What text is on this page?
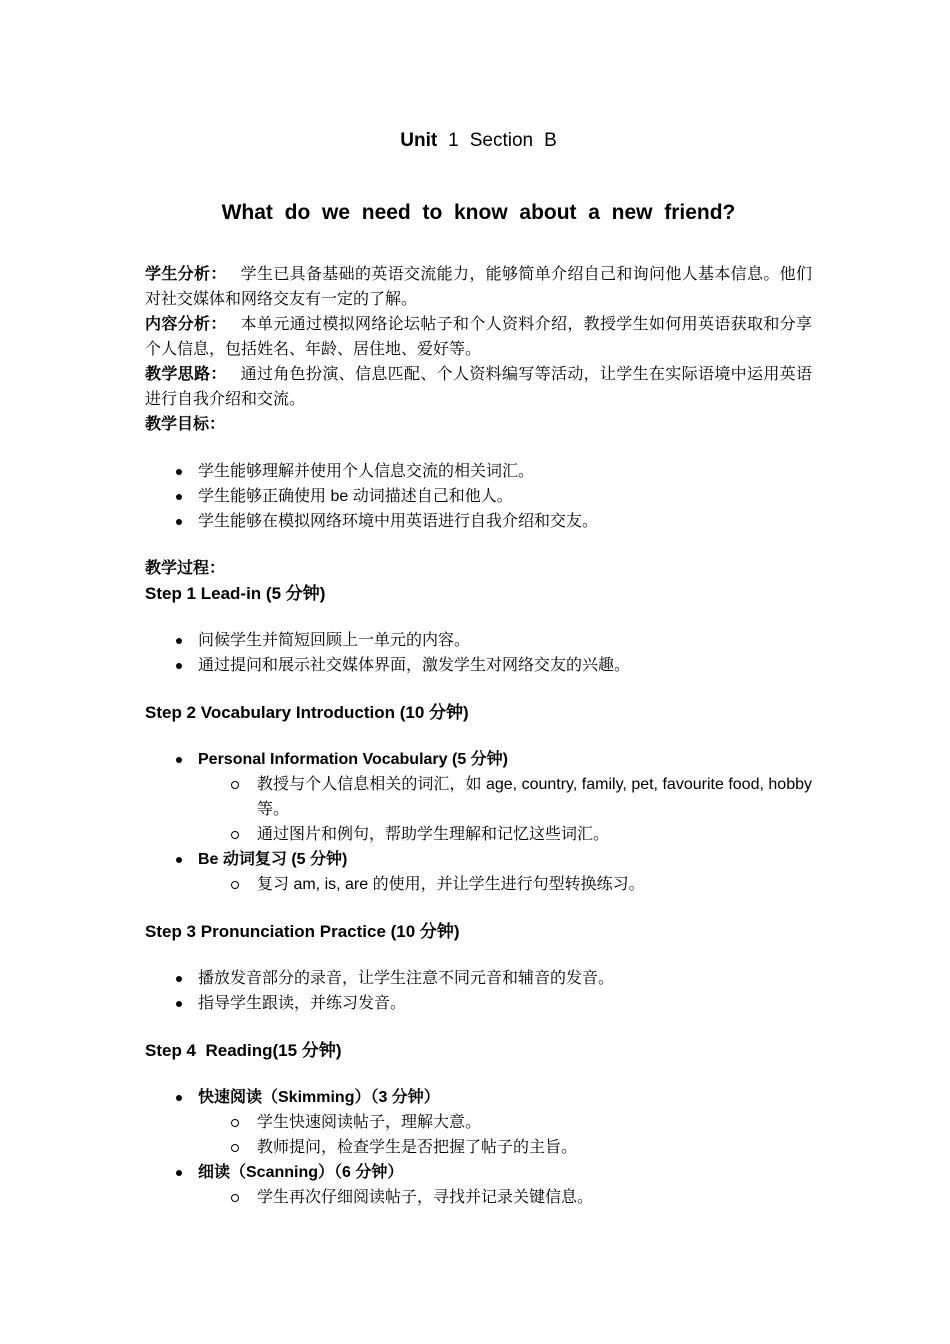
Unit 1 Section B
What do we need to know about a new friend?

学生分析： 学生已具备基础的英语交流能力，能够简单介绍自己和询问他人基本信息。他们对社交媒体和网络交友有一定的了解。

内容分析： 本单元通过模拟网络论坛帖子和个人资料介绍，教授学生如何用英语获取和分享个人信息，包括姓名、年龄、居住地、爱好等。

教学思路： 通过角色扮演、信息匹配、个人资料编写等活动，让学生在实际语境中运用英语进行自我介绍和交流。

教学目标：

学生能够理解并使用个人信息交流的相关词汇。
学生能够正确使用 be 动词描述自己和他人。
学生能够在模拟网络环境中用英语进行自我介绍和交友。

教学过程：

Step 1 Lead-in (5 分钟)
问候学生并简短回顾上一单元的内容。
通过提问和展示社交媒体界面，激发学生对网络交友的兴趣。
Step 2 Vocabulary Introduction (10 分钟)
Personal Information Vocabulary (5 分钟)
教授与个人信息相关的词汇，如 age, country, family, pet, favourite food, hobby 等。
通过图片和例句，帮助学生理解和记忆这些词汇。
Be 动词复习 (5 分钟)
复习 am, is, are 的使用，并让学生进行句型转换练习。
Step 3 Pronunciation Practice (10 分钟)
播放发音部分的录音，让学生注意不同元音和辅音的发音。
指导学生跟读，并练习发音。
Step 4  Reading(15 分钟)
快速阅读（Skimming）（3 分钟）
学生快速阅读帖子，理解大意。
教师提问，检查学生是否把握了帖子的主旨。
细读（Scanning）（6 分钟）
学生再次仔细阅读帖子，寻找并记录关键信息。
